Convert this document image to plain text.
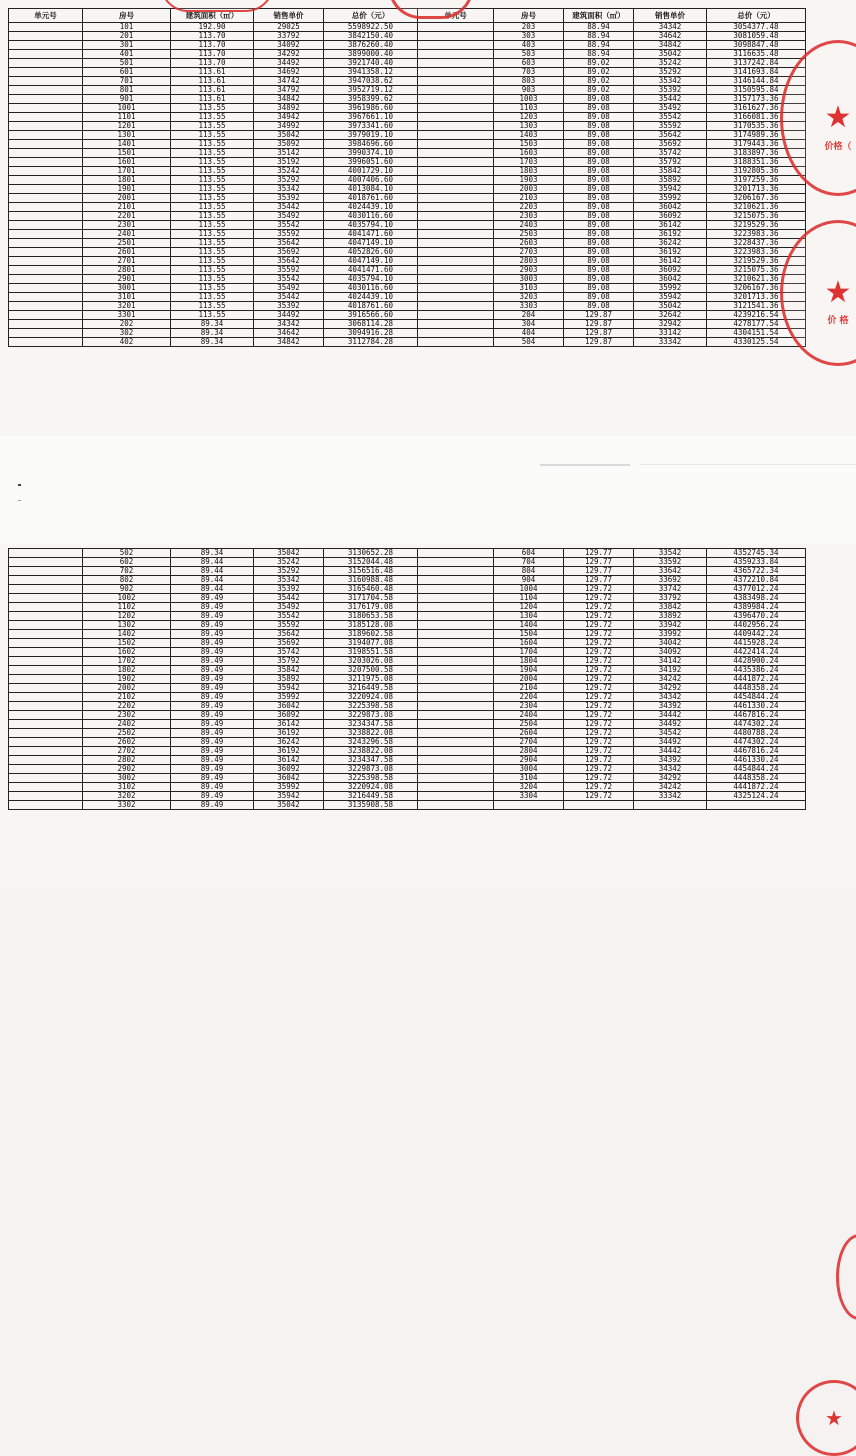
单元号	房号	建筑面积（㎡）	销售单价	总价（元）	单元号	房号	建筑面积（㎡）	销售单价	总价（元）
	101	192.90	29025	5598922.50		203	88.94	34342	3054377.48
	201	113.70	33792	3842150.40		303	88.94	34642	3081059.48
	301	113.70	34092	3876260.40		403	88.94	34842	3098847.48
	401	113.70	34292	3899000.40		503	88.94	35042	3116635.48
	501	113.70	34492	3921740.40		603	89.02	35242	3137242.84
	601	113.61	34692	3941358.12		703	89.02	35292	3141693.84
	701	113.61	34742	3947038.62		803	89.02	35342	3146144.84
	801	113.61	34792	3952719.12		903	89.02	35392	3150595.84
	901	113.61	34842	3958399.62		1003	89.08	35442	3157173.36
	1001	113.55	34892	3961986.60		1103	89.08	35492	3161627.36
	1101	113.55	34942	3967661.10		1203	89.08	35542	3166081.36
	1201	113.55	34992	3973341.60		1303	89.08	35592	3170535.36
	1301	113.55	35042	3979019.10		1403	89.08	35642	3174989.36
	1401	113.55	35092	3984696.60		1503	89.08	35692	3179443.36
	1501	113.55	35142	3990374.10		1603	89.08	35742	3183897.36
	1601	113.55	35192	3996051.60		1703	89.08	35792	3188351.36
	1701	113.55	35242	4001729.10		1803	89.08	35842	3192805.36
	1801	113.55	35292	4007406.60		1903	89.08	35892	3197259.36
	1901	113.55	35342	4013084.10		2003	89.08	35942	3201713.36
	2001	113.55	35392	4018761.60		2103	89.08	35992	3206167.36
	2101	113.55	35442	4024439.10		2203	89.08	36042	3210621.36
	2201	113.55	35492	4030116.60		2303	89.08	36092	3215075.36
	2301	113.55	35542	4035794.10		2403	89.08	36142	3219529.36
	2401	113.55	35592	4041471.60		2503	89.08	36192	3223983.36
	2501	113.55	35642	4047149.10		2603	89.08	36242	3228437.36
	2601	113.55	35692	4052826.60		2703	89.08	36192	3223983.36
	2701	113.55	35642	4047149.10		2803	89.08	36142	3219529.36
	2801	113.55	35592	4041471.60		2903	89.08	36092	3215075.36
	2901	113.55	35542	4035794.10		3003	89.08	36042	3210621.36
	3001	113.55	35492	4030116.60		3103	89.08	35992	3206167.36
	3101	113.55	35442	4024439.10		3203	89.08	35942	3201713.36
	3201	113.55	35392	4018761.60		3303	89.08	35042	3121541.36
	3301	113.55	34492	3916566.60		204	129.87	32642	4239216.54
	202	89.34	34342	3068114.28		304	129.87	32942	4278177.54
	302	89.34	34642	3094916.28		404	129.87	33142	4304151.54
	402	89.34	34842	3112784.28		504	129.87	33342	4330125.54
★
价格（
★
价 格
	502	89.34	35042	3130652.28		604	129.77	33542	4352745.34
	602	89.44	35242	3152044.48		704	129.77	33592	4359233.84
	702	89.44	35292	3156516.48		804	129.77	33642	4365722.34
	802	89.44	35342	3160988.48		904	129.77	33692	4372210.84
	902	89.44	35392	3165460.48		1004	129.72	33742	4377012.24
	1002	89.49	35442	3171704.58		1104	129.72	33792	4383498.24
	1102	89.49	35492	3176179.08		1204	129.72	33842	4389984.24
	1202	89.49	35542	3180653.58		1304	129.72	33892	4396470.24
	1302	89.49	35592	3185128.08		1404	129.72	33942	4402956.24
	1402	89.49	35642	3189602.58		1504	129.72	33992	4409442.24
	1502	89.49	35692	3194077.08		1604	129.72	34042	4415928.24
	1602	89.49	35742	3198551.58		1704	129.72	34092	4422414.24
	1702	89.49	35792	3203026.08		1804	129.72	34142	4428900.24
	1802	89.49	35842	3207500.58		1904	129.72	34192	4435386.24
	1902	89.49	35892	3211975.08		2004	129.72	34242	4441872.24
	2002	89.49	35942	3216449.58		2104	129.72	34292	4448358.24
	2102	89.49	35992	3220924.08		2204	129.72	34342	4454844.24
	2202	89.49	36042	3225398.58		2304	129.72	34392	4461330.24
	2302	89.49	36092	3229873.08		2404	129.72	34442	4467816.24
	2402	89.49	36142	3234347.58		2504	129.72	34492	4474302.24
	2502	89.49	36192	3238822.08		2604	129.72	34542	4480788.24
	2602	89.49	36242	3243296.58		2704	129.72	34492	4474302.24
	2702	89.49	36192	3238822.08		2804	129.72	34442	4467816.24
	2802	89.49	36142	3234347.58		2904	129.72	34392	4461330.24
	2902	89.49	36092	3229873.08		3004	129.72	34342	4454844.24
	3002	89.49	36042	3225398.58		3104	129.72	34292	4448358.24
	3102	89.49	35992	3220924.08		3204	129.72	34242	4441872.24
	3202	89.49	35942	3216449.58		3304	129.72	33342	4325124.24
	3302	89.49	35042	3135908.58					
★
